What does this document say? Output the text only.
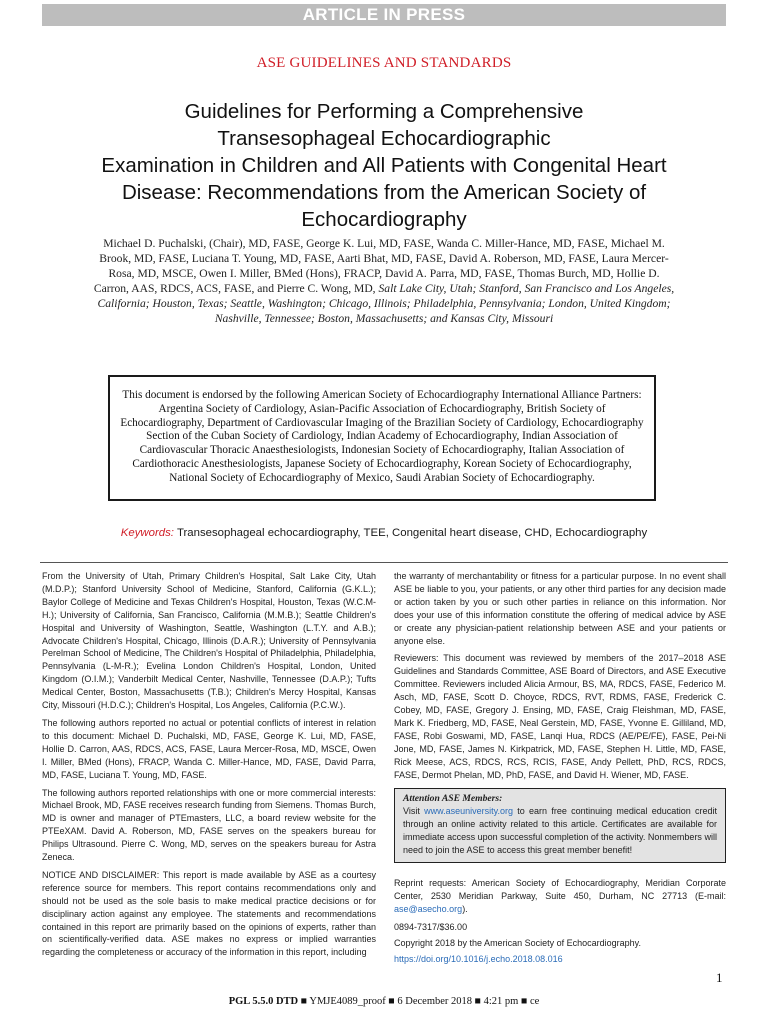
ARTICLE IN PRESS
ASE GUIDELINES AND STANDARDS
Guidelines for Performing a Comprehensive
Transesophageal Echocardiographic
Examination in Children and All Patients with Congenital Heart
Disease: Recommendations from the American Society of
Echocardiography
Michael D. Puchalski, (Chair), MD, FASE, George K. Lui, MD, FASE, Wanda C. Miller-Hance, MD, FASE, Michael M. Brook, MD, FASE, Luciana T. Young, MD, FASE, Aarti Bhat, MD, FASE, David A. Roberson, MD, FASE, Laura Mercer-Rosa, MD, MSCE, Owen I. Miller, BMed (Hons), FRACP, David A. Parra, MD, FASE, Thomas Burch, MD, Hollie D. Carron, AAS, RDCS, ACS, FASE, and Pierre C. Wong, MD, Salt Lake City, Utah; Stanford, San Francisco and Los Angeles, California; Houston, Texas; Seattle, Washington; Chicago, Illinois; Philadelphia, Pennsylvania; London, United Kingdom; Nashville, Tennessee; Boston, Massachusetts; and Kansas City, Missouri
This document is endorsed by the following American Society of Echocardiography International Alliance Partners: Argentina Society of Cardiology, Asian-Pacific Association of Echocardiography, British Society of Echocardiography, Department of Cardiovascular Imaging of the Brazilian Society of Cardiology, Echocardiography Section of the Cuban Society of Cardiology, Indian Academy of Echocardiography, Indian Association of Cardiovascular Thoracic Anaesthesiologists, Indonesian Society of Echocardiography, Italian Association of Cardiothoracic Anesthesiologists, Japanese Society of Echocardiography, Korean Society of Echocardiography, National Society of Echocardiography of Mexico, Saudi Arabian Society of Echocardiography.
Keywords: Transesophageal echocardiography, TEE, Congenital heart disease, CHD, Echocardiography

From the University of Utah, Primary Children's Hospital, Salt Lake City, Utah (M.D.P.); Stanford University School of Medicine, Stanford, California (G.K.L.); Baylor College of Medicine and Texas Children's Hospital, Houston, Texas (W.C.M-H.); University of California, San Francisco, California (M.M.B.); Seattle Children's Hospital and University of Washington, Seattle, Washington (L.T.Y. and A.B.); Advocate Children's Hospital, Chicago, Illinois (D.A.R.); University of Pennsylvania Perelman School of Medicine, The Children's Hospital of Philadelphia, Philadelphia, Pennsylvania (L-M-R.); Evelina London Children's Hospital, London, United Kingdom (O.I.M.); Vanderbilt Medical Center, Nashville, Tennessee (D.A.P.); Tufts Medical Center, Boston, Massachusetts (T.B.); Children's Mercy Hospital, Kansas City, Missouri (H.D.C.); Children's Hospital, Los Angeles, California (P.C.W.).

The following authors reported no actual or potential conflicts of interest in relation to this document: Michael D. Puchalski, MD, FASE, George K. Lui, MD, FASE, Hollie D. Carron, AAS, RDCS, ACS, FASE, Laura Mercer-Rosa, MD, MSCE, Owen I. Miller, BMed (Hons), FRACP, Wanda C. Miller-Hance, MD, FASE, David Parra, MD, FASE, Luciana T. Young, MD, FASE.

The following authors reported relationships with one or more commercial interests: Michael Brook, MD, FASE receives research funding from Siemens. Thomas Burch, MD is owner and manager of PTEmasters, LLC, a board review website for the PTEeXAM. David A. Roberson, MD, FASE serves on the speakers bureau for Philips Ultrasound. Pierre C. Wong, MD, serves on the speakers bureau for Astra Zeneca.

NOTICE AND DISCLAIMER: This report is made available by ASE as a courtesy reference source for members. This report contains recommendations only and should not be used as the sole basis to make medical practice decisions or for disciplinary action against any employee. The statements and recommendations contained in this report are primarily based on the opinions of experts, rather than on scientifically-verified data. ASE makes no express or implied warranties regarding the completeness or accuracy of the information in this report, including

the warranty of merchantability or fitness for a particular purpose. In no event shall ASE be liable to you, your patients, or any other third parties for any decision made or action taken by you or such other parties in reliance on this information. Nor does your use of this information constitute the offering of medical advice by ASE or create any physician-patient relationship between ASE and your patients or anyone else.

Reviewers: This document was reviewed by members of the 2017–2018 ASE Guidelines and Standards Committee, ASE Board of Directors, and ASE Executive Committee. Reviewers included Alicia Armour, BS, MA, RDCS, FASE, Federico M. Asch, MD, FASE, Scott D. Choyce, RDCS, RVT, RDMS, FASE, Frederick C. Cobey, MD, FASE, Gregory J. Ensing, MD, FASE, Craig Fleishman, MD, FASE, Mark K. Friedberg, MD, FASE, Neal Gerstein, MD, FASE, Yvonne E. Gilliland, MD, FASE, Robi Goswami, MD, FASE, Lanqi Hua, RDCS (AE/PE/FE), FASE, Pei-Ni Jone, MD, FASE, James N. Kirkpatrick, MD, FASE, Stephen H. Little, MD, FASE, Rick Meese, ACS, RDCS, RCS, RCIS, FASE, Andy Pellett, PhD, RCS, RDCS, FASE, Dermot Phelan, MD, PhD, FASE, and David H. Wiener, MD, FASE.

Attention ASE Members:
Visit www.aseuniversity.org to earn free continuing medical education credit through an online activity related to this article. Certificates are available for immediate access upon successful completion of the activity. Nonmembers will need to join the ASE to access this great member benefit!

Reprint requests: American Society of Echocardiography, Meridian Corporate Center, 2530 Meridian Parkway, Suite 450, Durham, NC 27713 (E-mail: ase@asecho.org).

0894-7317/$36.00

Copyright 2018 by the American Society of Echocardiography.

https://doi.org/10.1016/j.echo.2018.08.016

1
PGL 5.5.0 DTD ■ YMJE4089_proof ■ 6 December 2018 ■ 4:21 pm ■ ce
